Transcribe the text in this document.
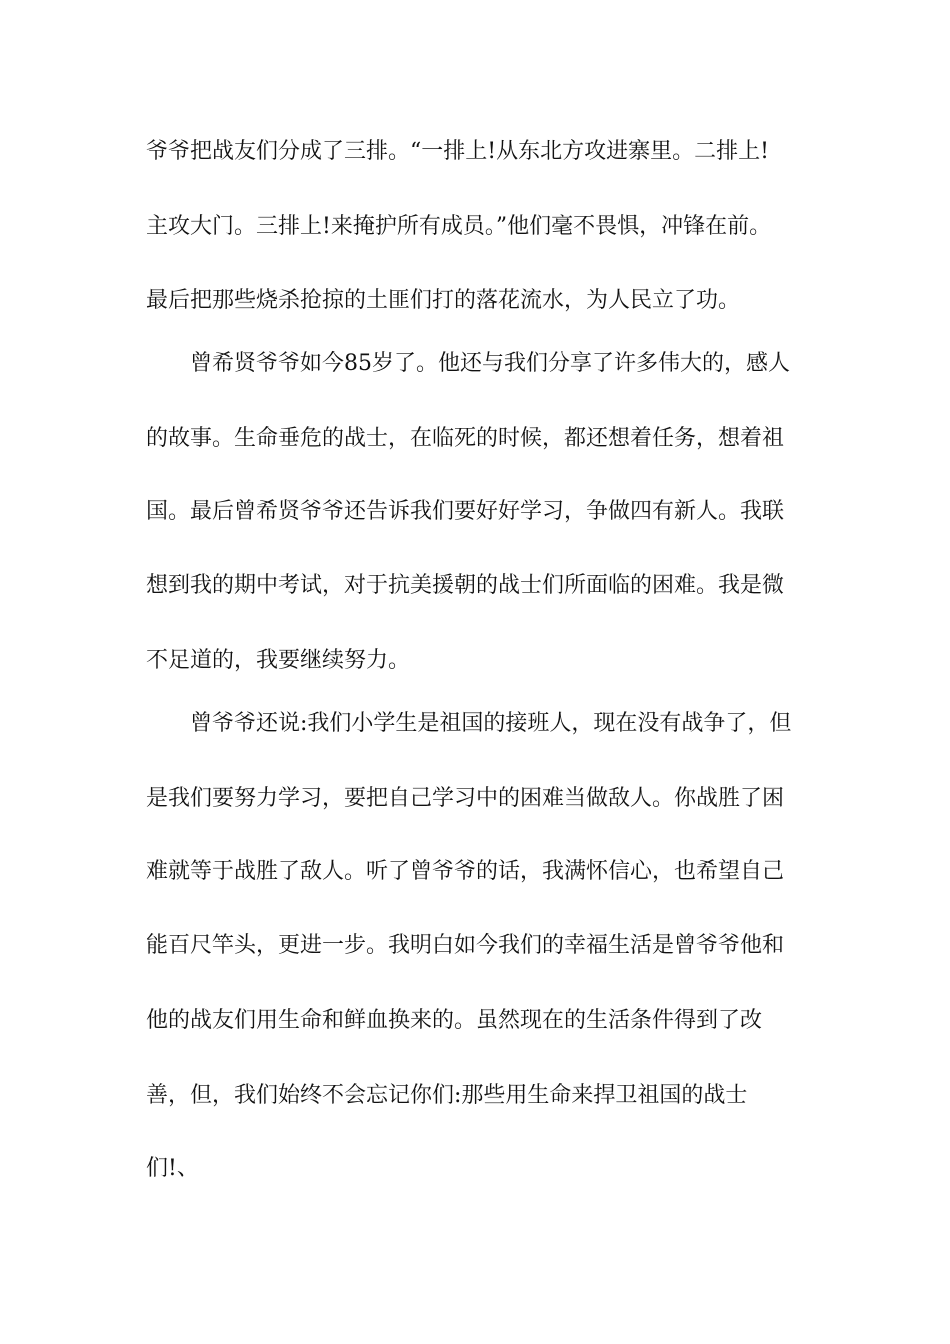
爷爷把战友们分成了三排。“一排上!从东北方攻进寨里。二排上!
主攻大门。三排上!来掩护所有成员。”他们毫不畏惧，冲锋在前。
最后把那些烧杀抢掠的土匪们打的落花流水，为人民立了功。
　　曾希贤爷爷如今85岁了。他还与我们分享了许多伟大的，感人
的故事。生命垂危的战士，在临死的时候，都还想着任务，想着祖
国。最后曾希贤爷爷还告诉我们要好好学习，争做四有新人。我联
想到我的期中考试，对于抗美援朝的战士们所面临的困难。我是微
不足道的，我要继续努力。
　　曾爷爷还说:我们小学生是祖国的接班人，现在没有战争了，但
是我们要努力学习，要把自己学习中的困难当做敌人。你战胜了困
难就等于战胜了敌人。听了曾爷爷的话，我满怀信心，也希望自己
能百尺竿头，更进一步。我明白如今我们的幸福生活是曾爷爷他和
他的战友们用生命和鲜血换来的。虽然现在的生活条件得到了改
善，但，我们始终不会忘记你们:那些用生命来捍卫祖国的战士
们!、
